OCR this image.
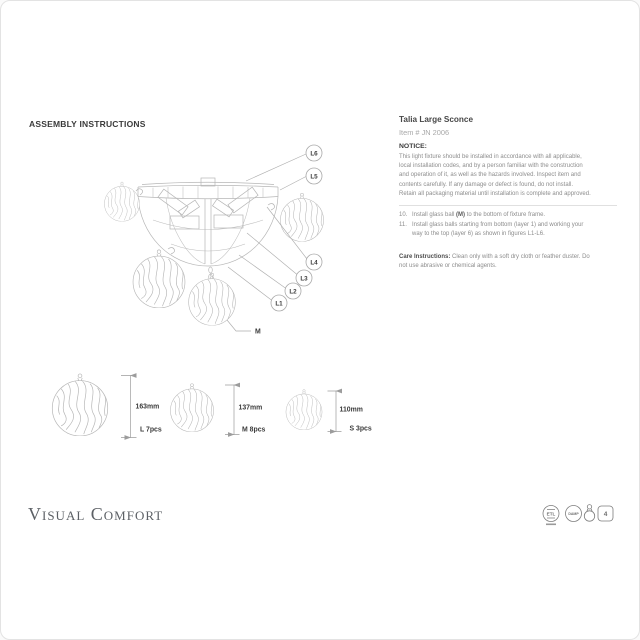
ASSEMBLY INSTRUCTIONS	Talia Large Sconce
Item # JN 2006
NOTICE:
This light fixture should be installed in accordance with all applicable,
local installation codes, and by a person familiar with the construction
and operation of it, as well as the hazards involved. Inspect item and
contents carefully. If any damage or defect is found, do not install.
Retain all packaging material until installation is complete and approved.
10. Install glass ball (M) to the bottom of fixture frame.
11. Install glass balls starting from bottom (layer 1) and working your
way to the top (layer 6) as shown in figures L1-L6.
Care Instructions: Clean only with a soft dry cloth or feather duster. Do
not use abrasive or chemical agents.
L6
L5
L4
L3
L2
L1
M
163mm
L 7pcs
137mm
M 8pcs
110mm
S 3pcs
Visual Comfort	ETL	DAMP	4
